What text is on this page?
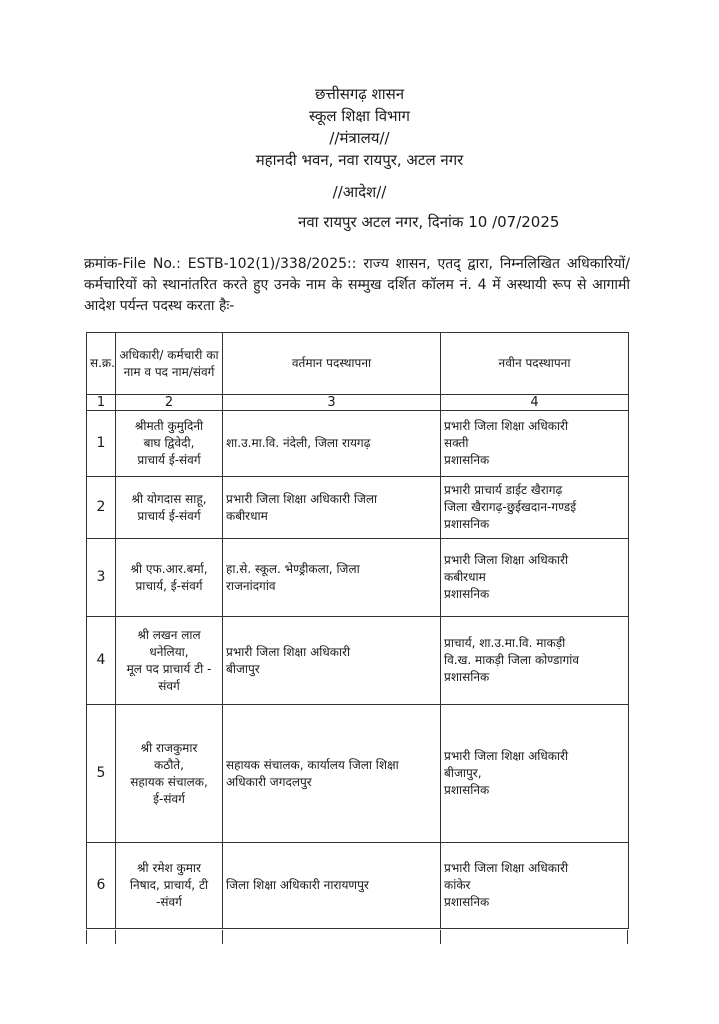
छत्तीसगढ़ शासन
स्कूल शिक्षा विभाग
//मंत्रालय//
महानदी भवन, नवा रायपुर, अटल नगर
//आदेश//
नवा रायपुर अटल नगर, दिनांक 10 /07/2025
क्रमांक-File No.: ESTB-102(1)/338/2025:: राज्य शासन, एतद् द्वारा, निम्नलिखित अधिकारियों/कर्मचारियों को स्थानांतरित करते हुए उनके नाम के सम्मुख दर्शित कॉलम नं. 4 में अस्थायी रूप से आगामी आदेश पर्यन्त पदस्थ करता हैः-
स.क्र.	अधिकारी/ कर्मचारी का नाम व पद नाम/संवर्ग	वर्तमान पदस्थापना	नवीन पदस्थापना
1	2	3	4
1	श्रीमती कुमुदिनी
बाघ द्विवेदी,
प्राचार्य ई-संवर्ग	शा.उ.मा.वि. नंदेली, जिला रायगढ़	प्रभारी जिला शिक्षा अधिकारी
सक्ती
प्रशासनिक

2	श्री योगदास साहू,
प्राचार्य ई-संवर्ग	प्रभारी जिला शिक्षा अधिकारी जिला
कबीरधाम	प्रभारी प्राचार्य डाईट खैरागढ़
जिला खैरागढ़-छुईखदान-गण्डई
प्रशासनिक

3	श्री एफ.आर.बर्मा,
प्राचार्य, ई-संवर्ग	हा.से. स्कूल. भेण्ड्रीकला, जिला
राजनांदगांव	प्रभारी जिला शिक्षा अधिकारी
कबीरधाम
प्रशासनिक

4	श्री लखन लाल
धनेलिया,
मूल पद प्राचार्य टी -
संवर्ग	प्रभारी जिला शिक्षा अधिकारी
बीजापुर	प्राचार्य, शा.उ.मा.वि. माकड़ी
वि.ख. माकड़ी जिला कोण्डागांव
प्रशासनिक

5	श्री राजकुमार
कठौते,
सहायक संचालक,
ई-संवर्ग	सहायक संचालक, कार्यालय जिला शिक्षा
अधिकारी जगदलपुर	प्रभारी जिला शिक्षा अधिकारी
बीजापुर,
प्रशासनिक

6	श्री रमेश कुमार
निषाद, प्राचार्य, टी
-संवर्ग	जिला शिक्षा अधिकारी नारायणपुर	प्रभारी जिला शिक्षा अधिकारी
कांकेर
प्रशासनिक
